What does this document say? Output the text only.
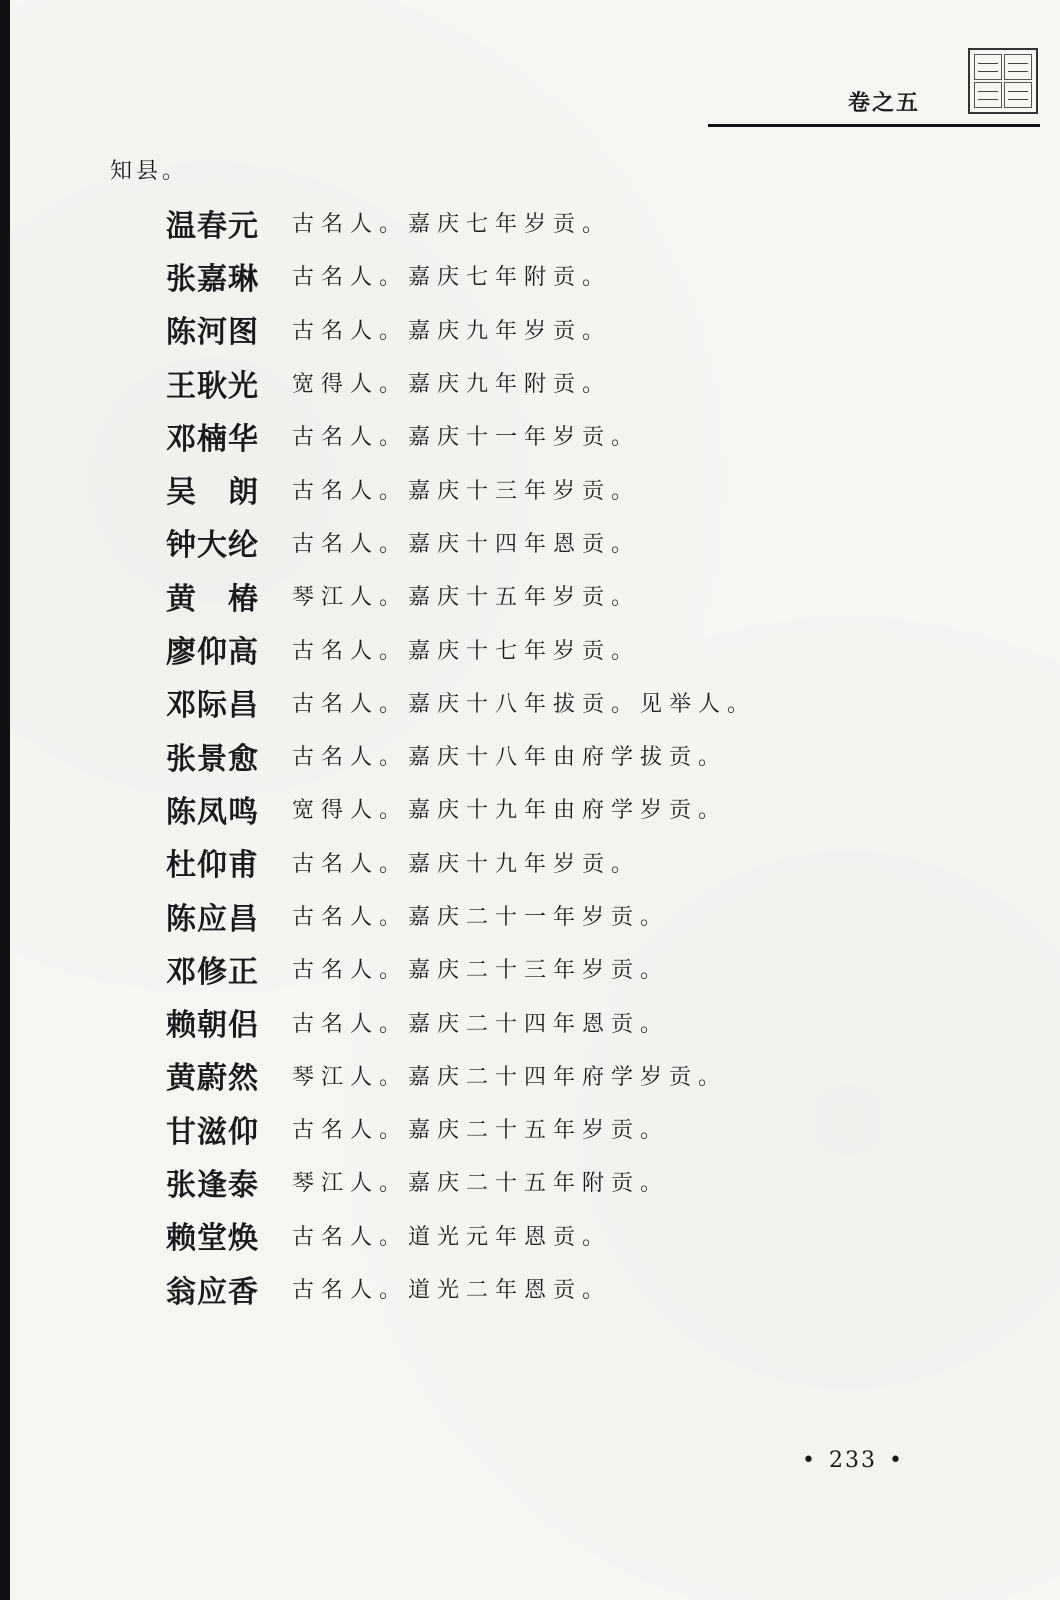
卷之五
知县。
温春元	古名人。嘉庆七年岁贡。
张嘉琳	古名人。嘉庆七年附贡。
陈河图	古名人。嘉庆九年岁贡。
王耿光	宽得人。嘉庆九年附贡。
邓楠华	古名人。嘉庆十一年岁贡。
吴　朗	古名人。嘉庆十三年岁贡。
钟大纶	古名人。嘉庆十四年恩贡。
黄　椿	琴江人。嘉庆十五年岁贡。
廖仰高	古名人。嘉庆十七年岁贡。
邓际昌	古名人。嘉庆十八年拔贡。见举人。
张景愈	古名人。嘉庆十八年由府学拔贡。
陈凤鸣	宽得人。嘉庆十九年由府学岁贡。
杜仰甫	古名人。嘉庆十九年岁贡。
陈应昌	古名人。嘉庆二十一年岁贡。
邓修正	古名人。嘉庆二十三年岁贡。
赖朝侣	古名人。嘉庆二十四年恩贡。
黄蔚然	琴江人。嘉庆二十四年府学岁贡。
甘滋仰	古名人。嘉庆二十五年岁贡。
张逢泰	琴江人。嘉庆二十五年附贡。
赖堂焕	古名人。道光元年恩贡。
翁应香	古名人。道光二年恩贡。
• 233 •
